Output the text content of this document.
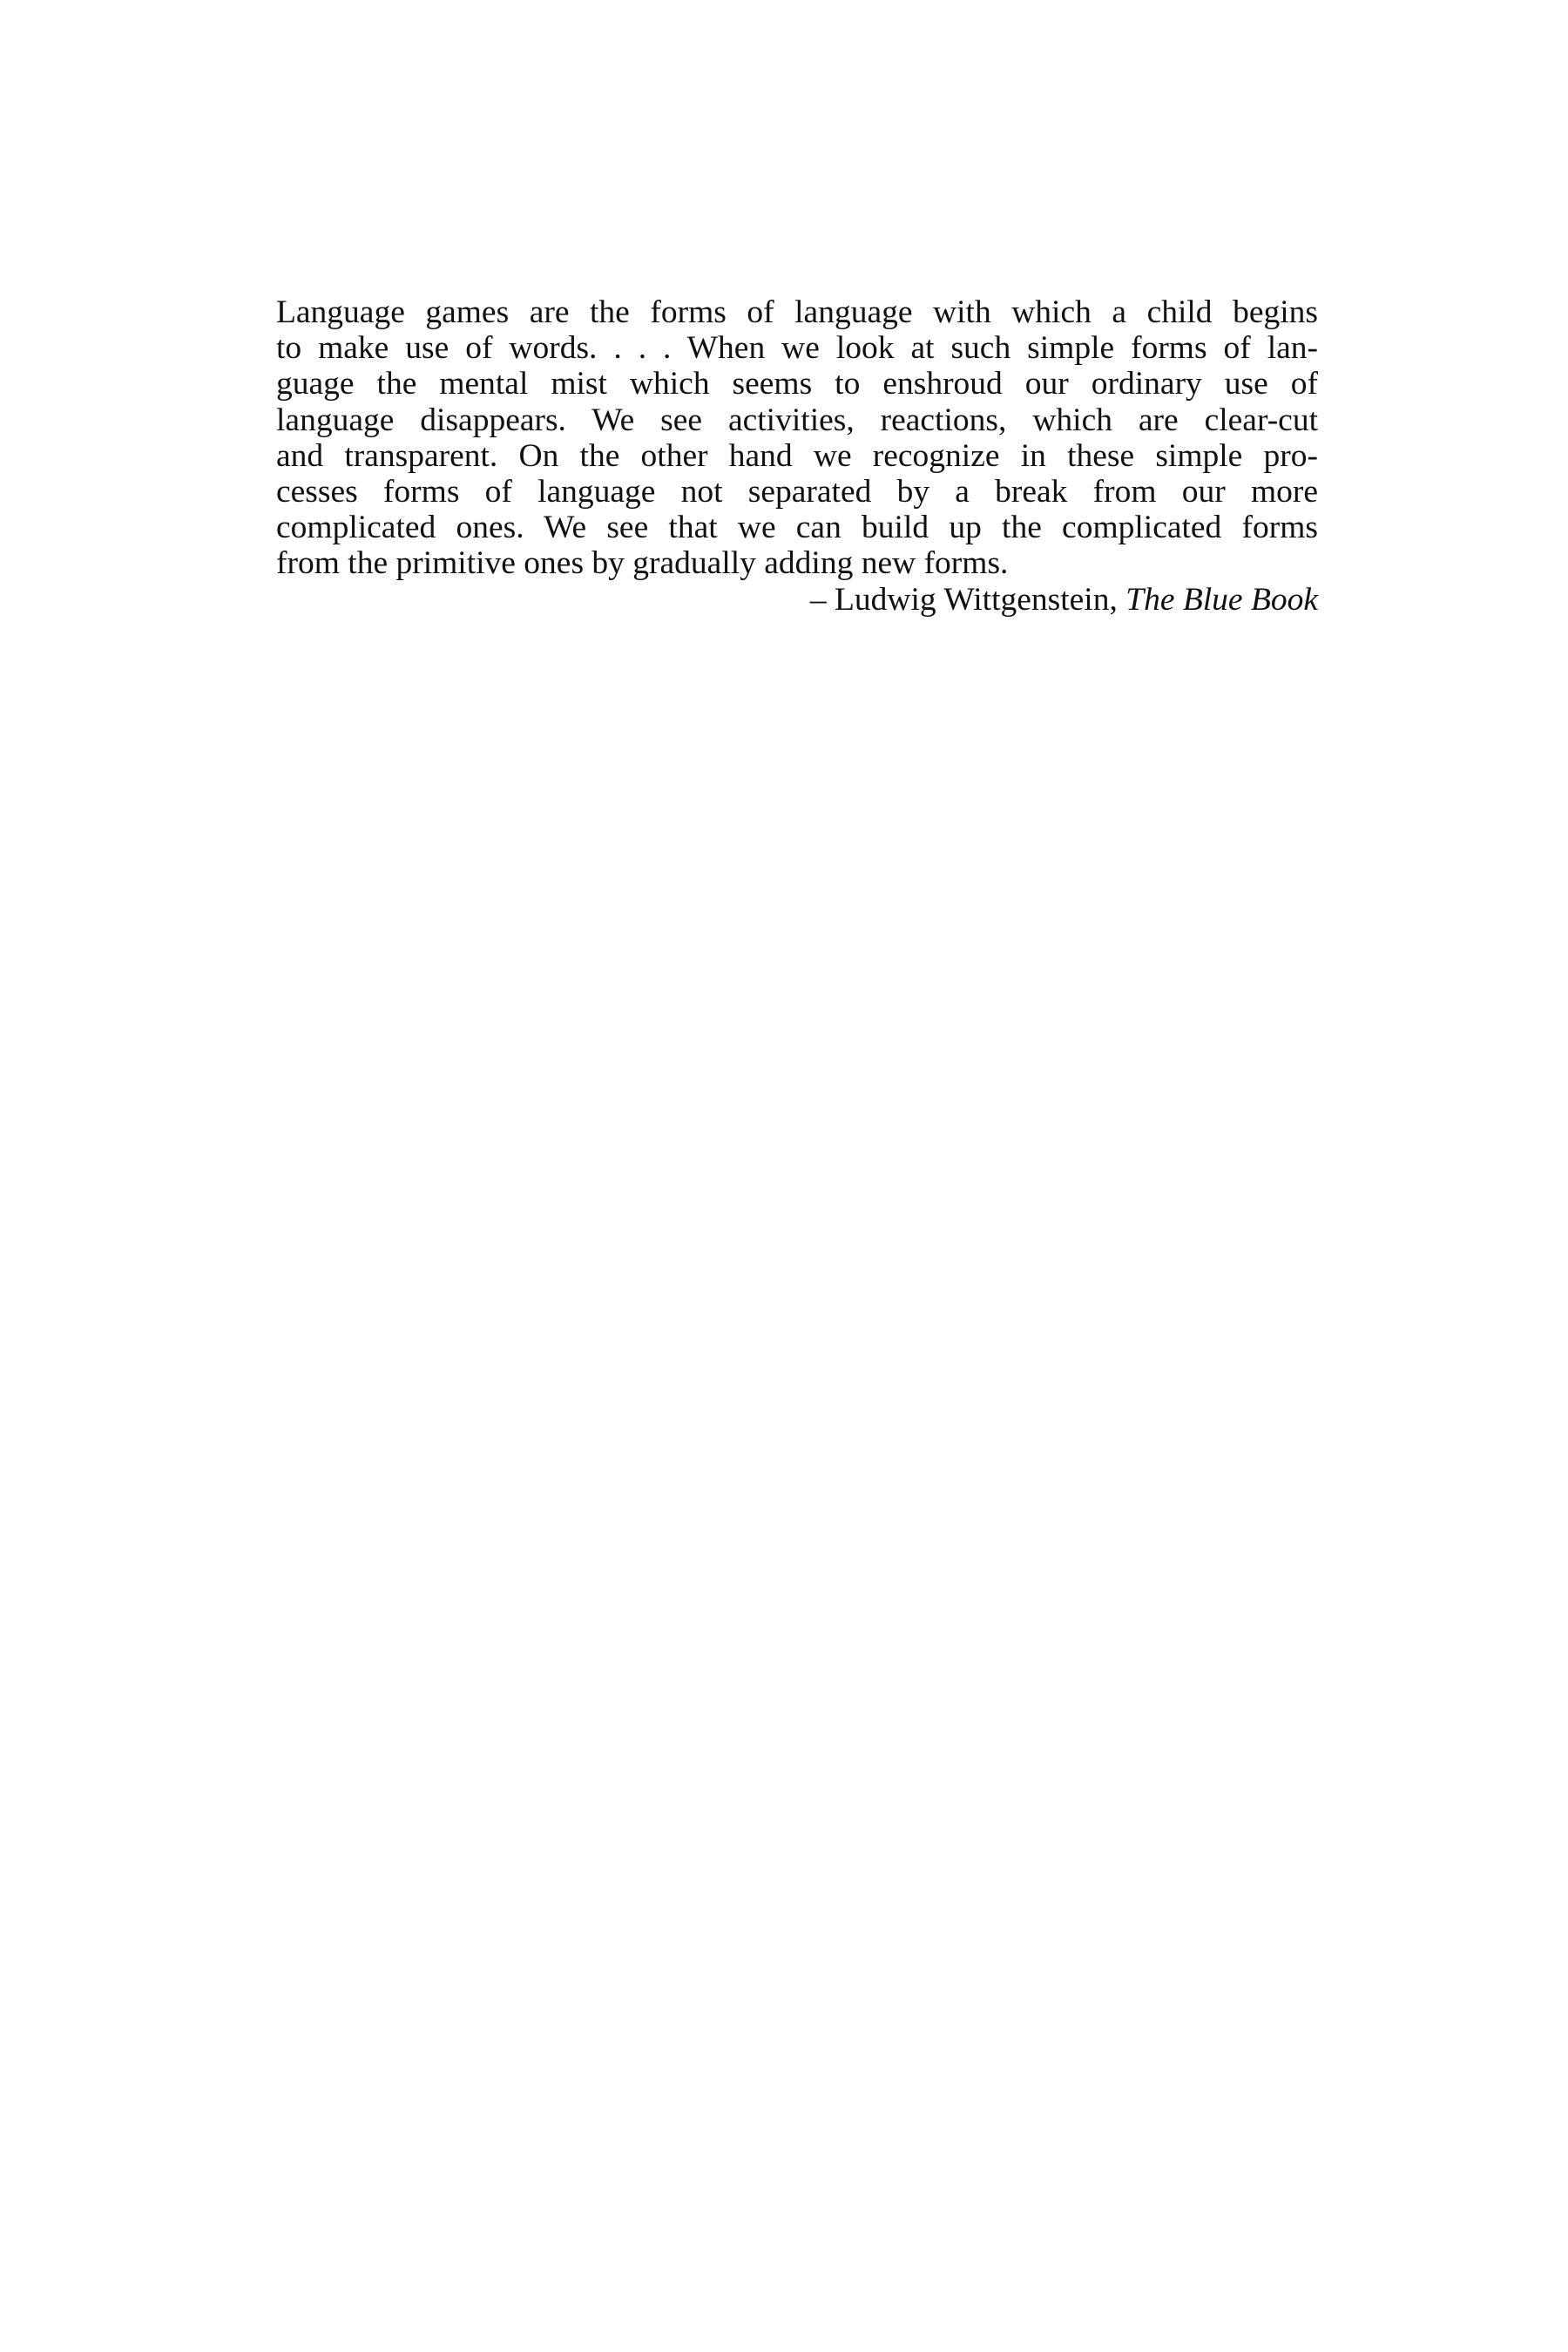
Language games are the forms of language with which a child begins
to make use of words. . . . When we look at such simple forms of lan-
guage the mental mist which seems to enshroud our ordinary use of
language disappears. We see activities, reactions, which are clear-cut
and transparent. On the other hand we recognize in these simple pro-
cesses forms of language not separated by a break from our more
complicated ones. We see that we can build up the complicated forms
from the primitive ones by gradually adding new forms.
– Ludwig Wittgenstein, The Blue Book
